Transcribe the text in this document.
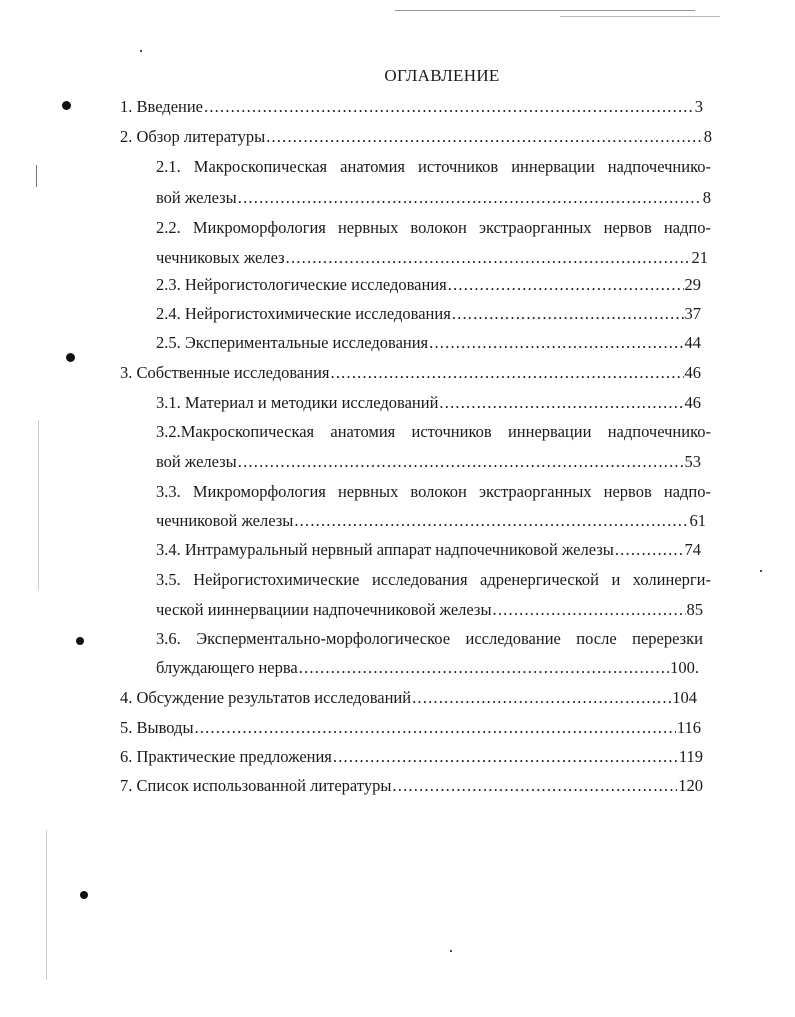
ОГЛАВЛЕНИЕ
1. Введение .....	3
2. Обзор литературы .....	8
2.1. Макроскопическая анатомия источников иннервации надпочечнико-
вой железы .....	8
2.2. Микроморфология нервных волокон экстраорганных нервов надпо-
чечниковых желез .....	21
2.3. Нейрогистологические исследования .....	29
2.4. Нейрогистохимические исследования .....	37
2.5. Экспериментальные исследования .....	44
3. Собственные исследования .....	46
3.1. Материал и методики исследований .....	46
3.2.Макроскопическая анатомия источников иннервации надпочечнико-
вой железы .....	53
3.3. Микроморфология нервных волокон экстраорганных нервов надпо-
чечниковой железы .....	61
3.4. Интрамуральный нервный аппарат надпочечниковой железы .....	74
3.5. Нейрогистохимические исследования адренергической и холинерги-
ческой ииннервациии надпочечниковой железы .....	85
3.6. Эксперментально-морфологическое исследование после перерезки
блуждающего нерва .....	100.
4. Обсуждение результатов исследований .....	104
5. Выводы .....	116
6. Практические предложения .....	119
7. Список использованной литературы .....	120
